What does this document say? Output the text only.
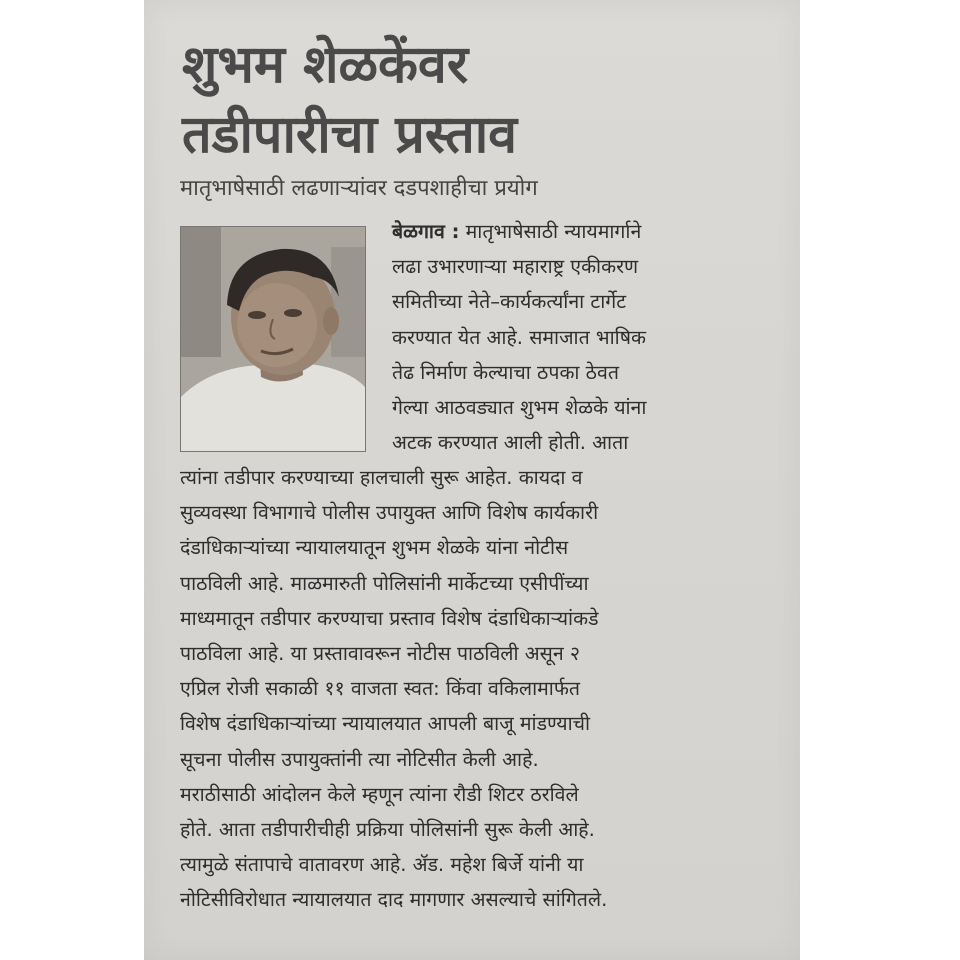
शुभम शेळकेंवर
तडीपारीचा प्रस्ताव
मातृभाषेसाठी लढणाऱ्यांवर दडपशाहीचा प्रयोग
बेळगाव : मातृभाषेसाठी न्यायमार्गाने
लढा उभारणाऱ्या महाराष्ट्र एकीकरण
समितीच्या नेते–कार्यकर्त्यांना टार्गेट
करण्यात येत आहे. समाजात भाषिक
तेढ निर्माण केल्याचा ठपका ठेवत
गेल्या आठवड्यात शुभम शेळके यांना
अटक करण्यात आली होती. आता
त्यांना तडीपार करण्याच्या हालचाली सुरू आहेत. कायदा व
सुव्यवस्था विभागाचे पोलीस उपायुक्त आणि विशेष कार्यकारी
दंडाधिकाऱ्यांच्या न्यायालयातून शुभम शेळके यांना नोटीस
पाठविली आहे. माळमारुती पोलिसांनी मार्केटच्या एसीपींच्या
माध्यमातून तडीपार करण्याचा प्रस्ताव विशेष दंडाधिकाऱ्यांकडे
पाठविला आहे. या प्रस्तावावरून नोटीस पाठविली असून २
एप्रिल रोजी सकाळी ११ वाजता स्वत: किंवा वकिलामार्फत
विशेष दंडाधिकाऱ्यांच्या न्यायालयात आपली बाजू मांडण्याची
सूचना पोलीस उपायुक्तांनी त्या नोटिसीत केली आहे.
मराठीसाठी आंदोलन केले म्हणून त्यांना रौडी शिटर ठरविले
होते. आता तडीपारीचीही प्रक्रिया पोलिसांनी सुरू केली आहे.
त्यामुळे संतापाचे वातावरण आहे. ॲड. महेश बिर्जे यांनी या
नोटिसीविरोधात न्यायालयात दाद मागणार असल्याचे सांगितले.
